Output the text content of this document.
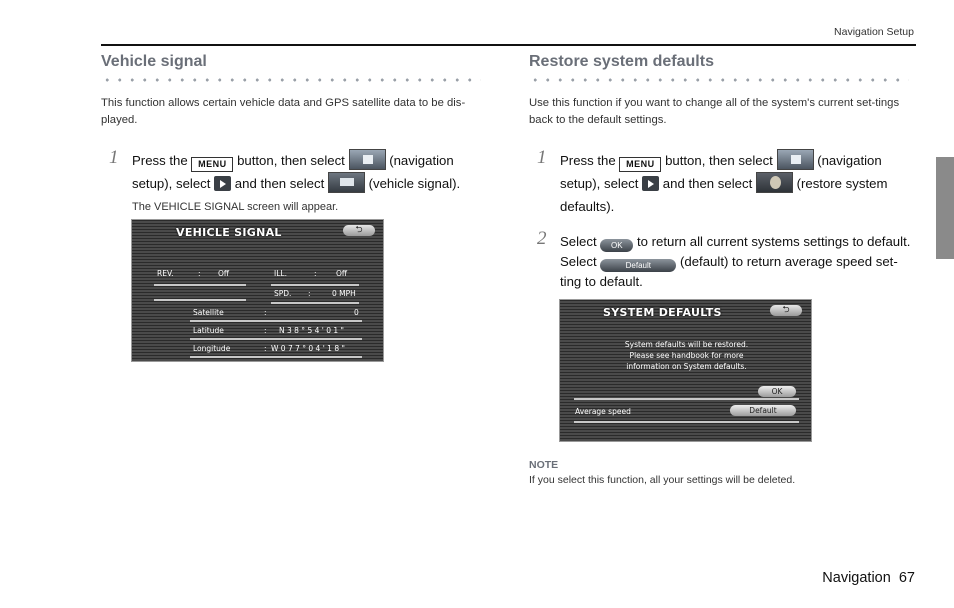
Navigation Setup
Vehicle signal
This function allows certain vehicle data and GPS satellite data to be dis-played.
1 Press the MENU button, then select	(navigation setup), select and then select	(vehicle signal).
The VEHICLE SIGNAL screen will appear.
VEHICLE SIGNAL	⮌
REV.	: Off	ILL.	:	Off
SPD. :	0 MPH
Satellite	:	0
Latitude	: N 3 8 ° 5 4 ' 0 1 "
Longitude	: W 0 7 7 ° 0 4 ' 1 8 "
Restore system defaults
Use this function if you want to change all of the system's current set-tings back to the default settings.
1 Press the MENU button, then select	(navigation setup), select and then select	(restore system defaults).
2 Select OK to return all current systems settings to default.
Select	Default (default) to return average speed set-ting to default.
SYSTEM DEFAULTS	⮌
System defaults will be restored.
Please see handbook for more
information on System defaults.
OK
Average speed	Default
NOTE
If you select this function, all your settings will be deleted.
Navigation 67
